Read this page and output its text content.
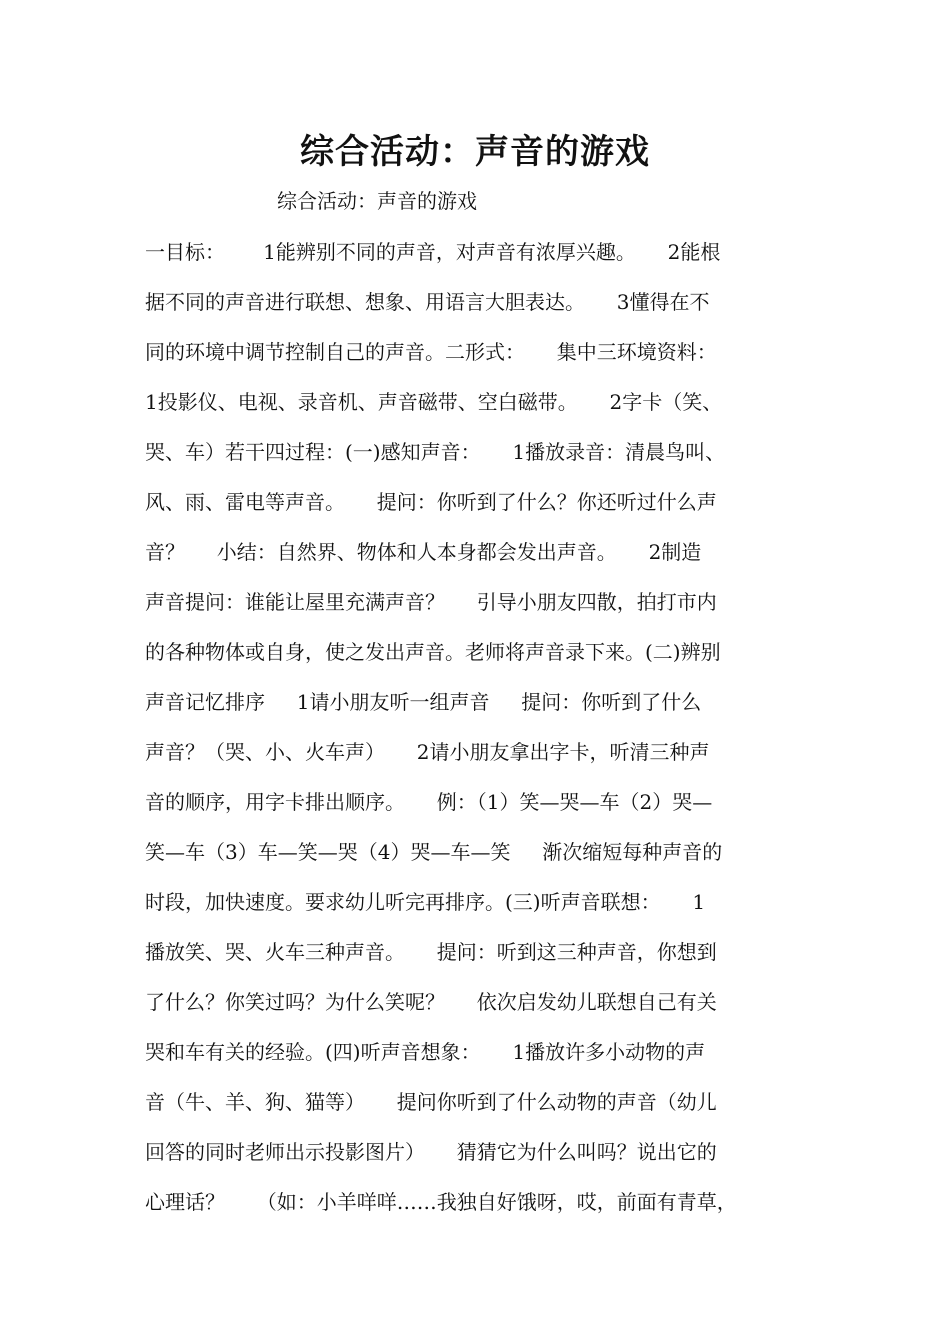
综合活动：声音的游戏
综合活动：声音的游戏
一目标：      1能辨别不同的声音，对声音有浓厚兴趣。     2能根
据不同的声音进行联想、想象、用语言大胆表达。     3懂得在不
同的环境中调节控制自己的声音。二形式：     集中三环境资料：
1投影仪、电视、录音机、声音磁带、空白磁带。     2字卡（笑、
哭、车）若干四过程：(一)感知声音：     1播放录音：清晨鸟叫、
风、雨、雷电等声音。     提问：你听到了什么？你还听过什么声
音？     小结：自然界、物体和人本身都会发出声音。     2制造
声音提问：谁能让屋里充满声音？     引导小朋友四散，拍打市内
的各种物体或自身，使之发出声音。老师将声音录下来。(二)辨别
声音记忆排序     1请小朋友听一组声音     提问：你听到了什么
声音？（哭、小、火车声）     2请小朋友拿出字卡，听清三种声
音的顺序，用字卡排出顺序。     例：（1）笑—哭—车（2）哭—
笑—车（3）车—笑—哭（4）哭—车—笑     渐次缩短每种声音的
时段，加快速度。要求幼儿听完再排序。(三)听声音联想：     1
播放笑、哭、火车三种声音。     提问：听到这三种声音，你想到
了什么？你笑过吗？为什么笑呢？     依次启发幼儿联想自己有关
哭和车有关的经验。(四)听声音想象：     1播放许多小动物的声
音（牛、羊、狗、猫等）     提问你听到了什么动物的声音（幼儿
回答的同时老师出示投影图片）     猜猜它为什么叫吗？说出它的
心理话？     （如：小羊咩咩……我独自好饿呀，哎，前面有青草，
